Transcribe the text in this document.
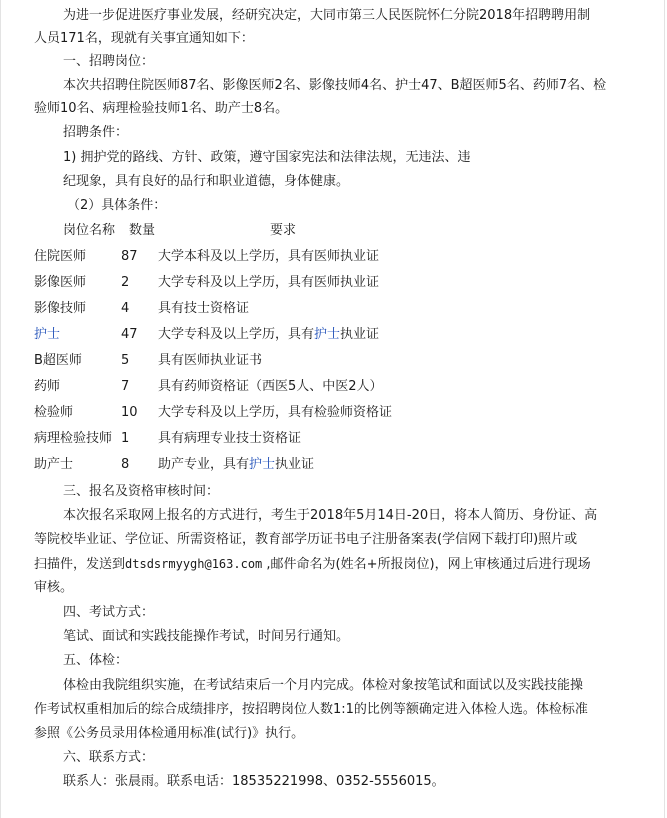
为进一步促进医疗事业发展，经研究决定，大同市第三人民医院怀仁分院2018年招聘聘用制
人员171名，现就有关事宜通知如下：
一、招聘岗位：
本次共招聘住院医师87名、影像医师2名、影像技师4名、护士47、B超医师5名、药师7名、检
验师10名、病理检验技师1名、助产士8名。
招聘条件：
1) 拥护党的路线、方针、政策，遵守国家宪法和法律法规，无违法、违
纪现象，具有良好的品行和职业道德，身体健康。
（2）具体条件：
岗位名称 数量	要求
住院医师	87 大学本科及以上学历，具有医师执业证
影像医师	2 大学专科及以上学历，具有医师执业证
影像技师	4 具有技士资格证
护士	47 大学专科及以上学历，具有护士执业证
B超医师	5 具有医师执业证书
药师	7 具有药师资格证（西医5人、中医2人）
检验师	10 大学专科及以上学历，具有检验师资格证
病理检验技师 1 具有病理专业技士资格证
助产士	8 助产专业，具有护士执业证
三、报名及资格审核时间：
本次报名采取网上报名的方式进行，考生于2018年5月14日-20日，将本人简历、身份证、高
等院校毕业证、学位证、所需资格证，教育部学历证书电子注册备案表(学信网下载打印)照片或
扫描件，发送到dtsdsrmyygh@163.com ,邮件命名为(姓名+所报岗位)，网上审核通过后进行现场
审核。
四、考试方式：
笔试、面试和实践技能操作考试，时间另行通知。
五、体检：
体检由我院组织实施，在考试结束后一个月内完成。体检对象按笔试和面试以及实践技能操
作考试权重相加后的综合成绩排序，按招聘岗位人数1:1的比例等额确定进入体检人选。体检标准
参照《公务员录用体检通用标准(试行)》执行。
六、联系方式：
联系人：张晨雨。联系电话：18535221998、0352-5556015。
